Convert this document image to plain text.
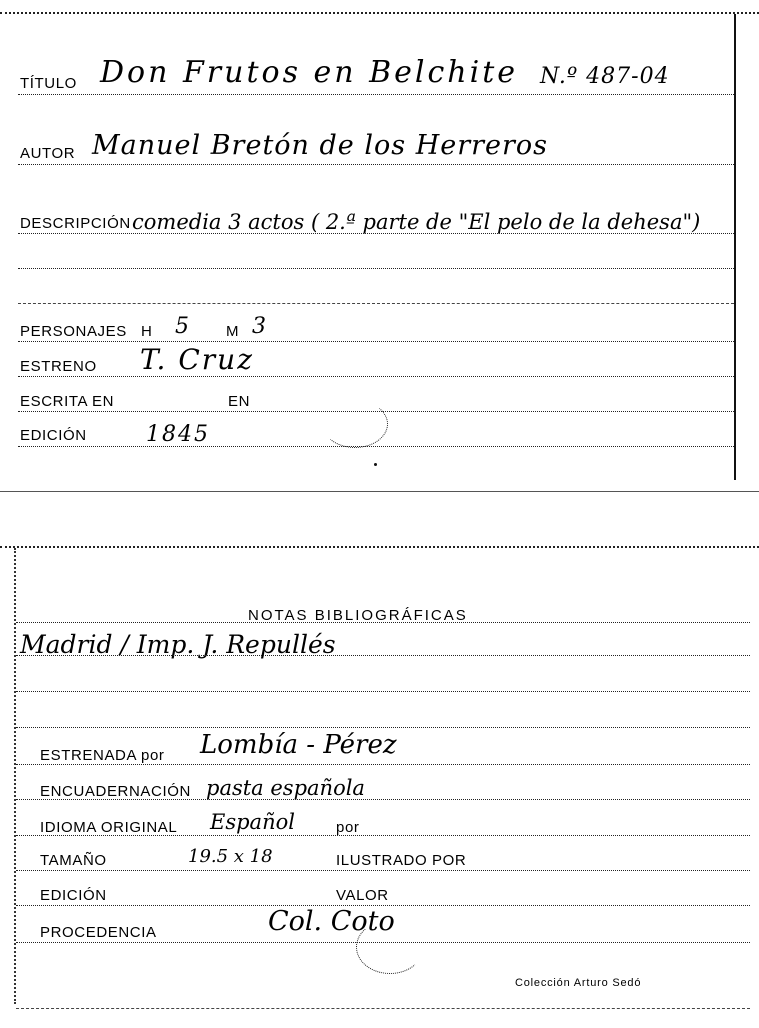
TÍTULO Don Frutos en Belchite N.º 487-04
AUTOR Manuel Bretón de los Herreros
DESCRIPCIÓN comedia 3 actos ( 2.ª parte de "El pelo de la dehesa")
PERSONAJES H 5 M 3
ESTRENO T. Cruz
ESCRITA EN	EN
EDICIÓN	1845
NOTAS BIBLIOGRÁFICAS
Madrid / Imp. J. Repullés
ESTRENADA por Lombía - Pérez
ENCUADERNACIÓN pasta española
IDIOMA ORIGINAL Español	por
TAMAÑO	19.5 x 18	ILUSTRADO POR
EDICIÓN	VALOR
PROCEDENCIA	Col. Coto
Colección Arturo Sedó
